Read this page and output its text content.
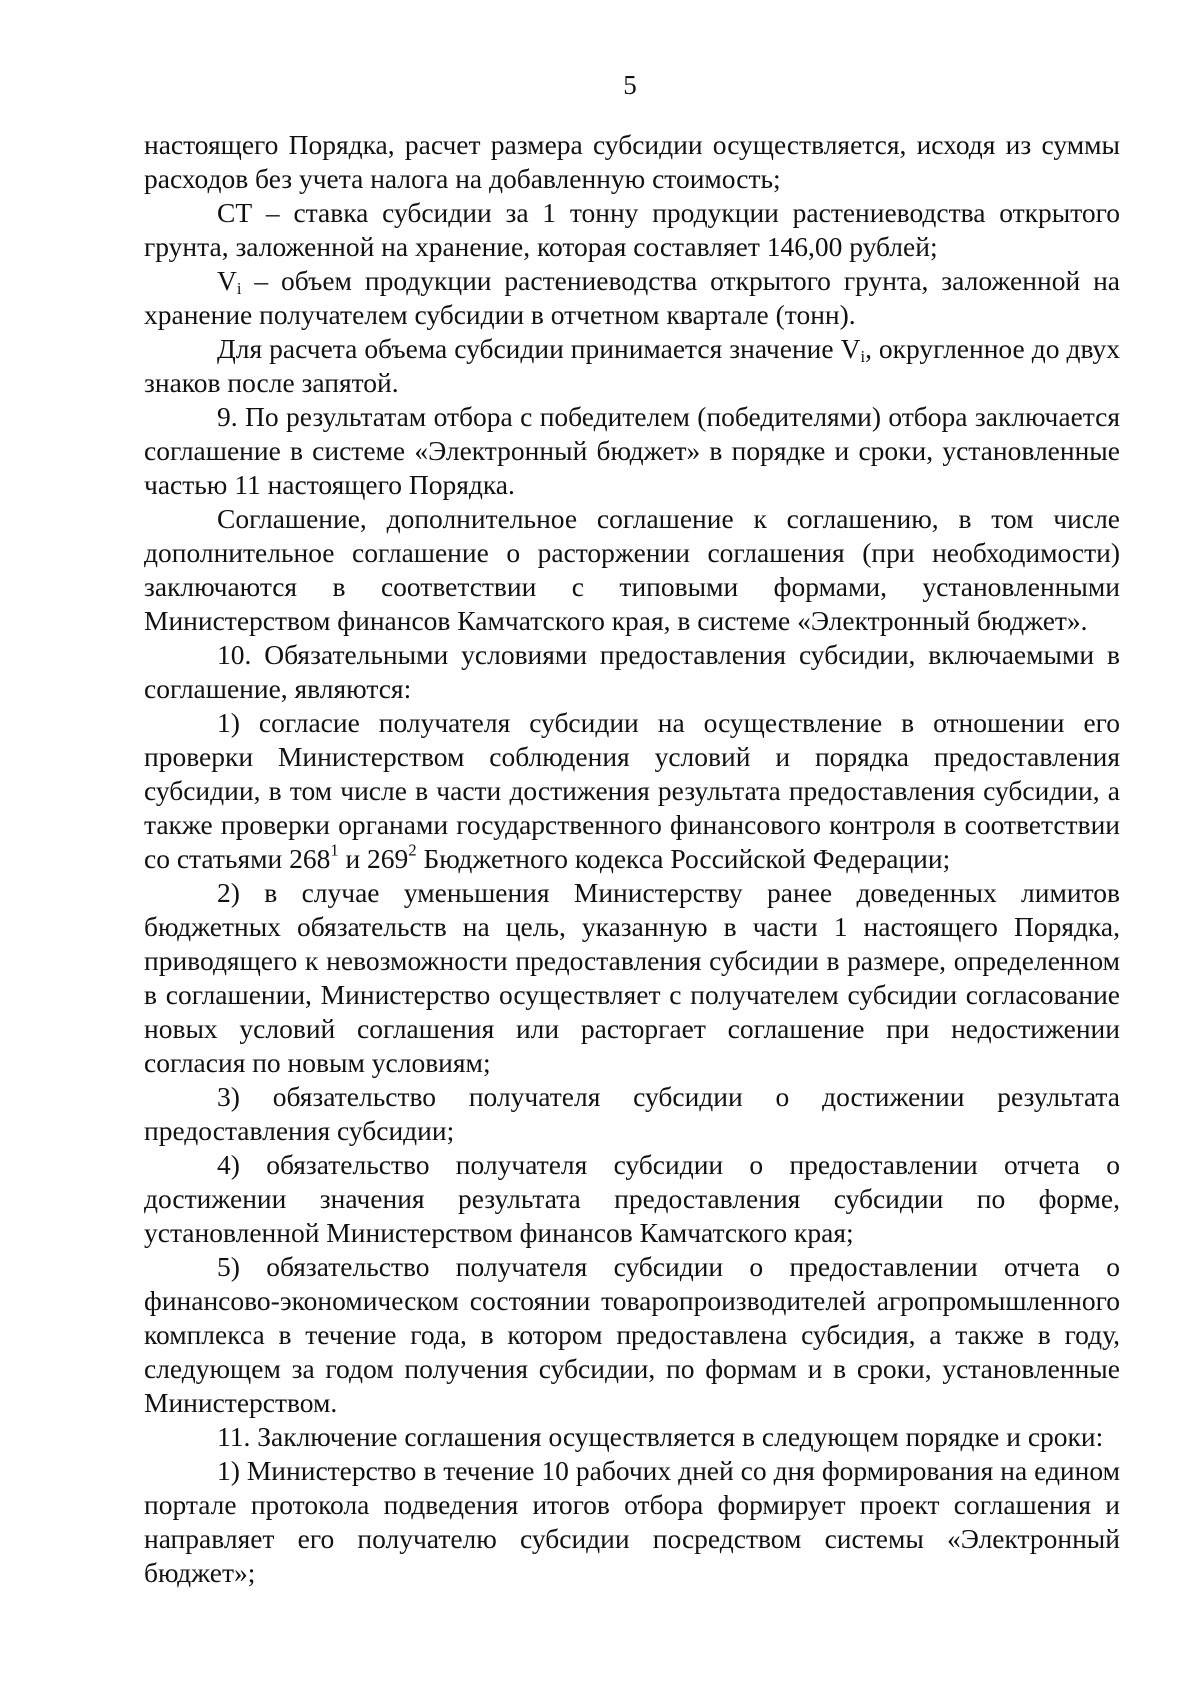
5

настоящего Порядка, расчет размера субсидии осуществляется, исходя из суммы расходов без учета налога на добавленную стоимость;

СТ – ставка субсидии за 1 тонну продукции растениеводства открытого грунта, заложенной на хранение, которая составляет 146,00 рублей;

$V_i$ – объем продукции растениеводства открытого грунта, заложенной на хранение получателем субсидии в отчетном квартале (тонн).

Для расчета объема субсидии принимается значение $V_i$, округленное до двух знаков после запятой.

9. По результатам отбора с победителем (победителями) отбора заключается соглашение в системе «Электронный бюджет» в порядке и сроки, установленные частью 11 настоящего Порядка.

Соглашение, дополнительное соглашение к соглашению, в том числе дополнительное соглашение о расторжении соглашения (при необходимости) заключаются в соответствии с типовыми формами, установленными Министерством финансов Камчатского края, в системе «Электронный бюджет».

10. Обязательными условиями предоставления субсидии, включаемыми в соглашение, являются:

1) согласие получателя субсидии на осуществление в отношении его проверки Министерством соблюдения условий и порядка предоставления субсидии, в том числе в части достижения результата предоставления субсидии, а также проверки органами государственного финансового контроля в соответствии со статьями $268^1$ и $269^2$ Бюджетного кодекса Российской Федерации;

2) в случае уменьшения Министерству ранее доведенных лимитов бюджетных обязательств на цель, указанную в части 1 настоящего Порядка, приводящего к невозможности предоставления субсидии в размере, определенном в соглашении, Министерство осуществляет с получателем субсидии согласование новых условий соглашения или расторгает соглашение при недостижении согласия по новым условиям;

3) обязательство получателя субсидии о достижении результата предоставления субсидии;

4) обязательство получателя субсидии о предоставлении отчета о достижении значения результата предоставления субсидии по форме, установленной Министерством финансов Камчатского края;

5) обязательство получателя субсидии о предоставлении отчета о финансово-экономическом состоянии товаропроизводителей агропромышленного комплекса в течение года, в котором предоставлена субсидия, а также в году, следующем за годом получения субсидии, по формам и в сроки, установленные Министерством.

11. Заключение соглашения осуществляется в следующем порядке и сроки:

1) Министерство в течение 10 рабочих дней со дня формирования на едином портале протокола подведения итогов отбора формирует проект соглашения и направляет его получателю субсидии посредством системы «Электронный бюджет»;
